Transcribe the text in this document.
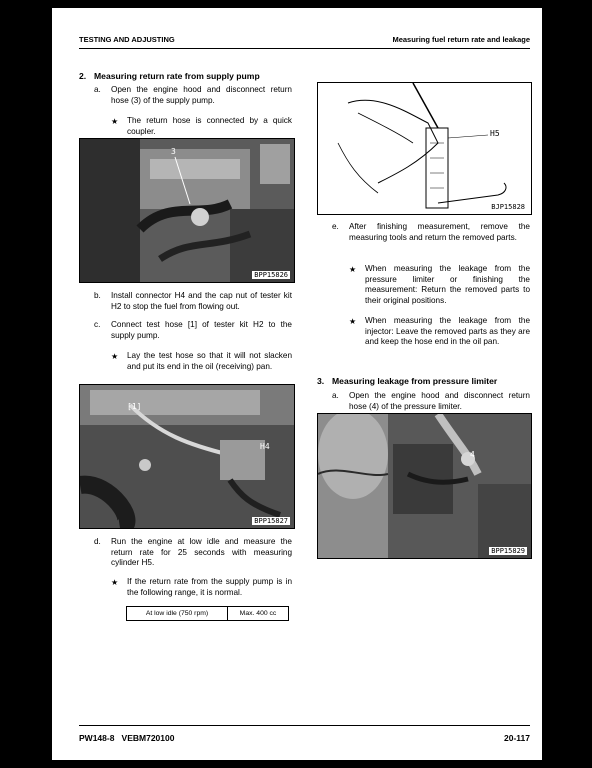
TESTING AND ADJUSTING	Measuring fuel return rate and leakage
2. Measuring return rate from supply pump
a. Open the engine hood and disconnect return hose (3) of the supply pump.
★ The return hose is connected by a quick coupler.
3
BPP15826
b. Install connector H4 and the cap nut of tester kit H2 to stop the fuel from flowing out.
c. Connect test hose [1] of tester kit H2 to the supply pump.
★ Lay the test hose so that it will not slacken and put its end in the oil (receiving) pan.
[1]
H4
BPP15827
d. Run the engine at low idle and measure the return rate for 25 seconds with measuring cylinder H5.
★ If the return rate from the supply pump is in the following range, it is normal.
At low idle (750 rpm)	Max. 400 cc
H5
BJP15828
e. After finishing measurement, remove the measuring tools and return the removed parts.
★ When measuring the leakage from the pressure limiter or finishing the measurement: Return the removed parts to their original positions.
★ When measuring the leakage from the injector: Leave the removed parts as they are and keep the hose end in the oil pan.
3. Measuring leakage from pressure limiter
a. Open the engine hood and disconnect return hose (4) of the pressure limiter.
4
BPP15829
PW148-8 VEBM720100	20-117
